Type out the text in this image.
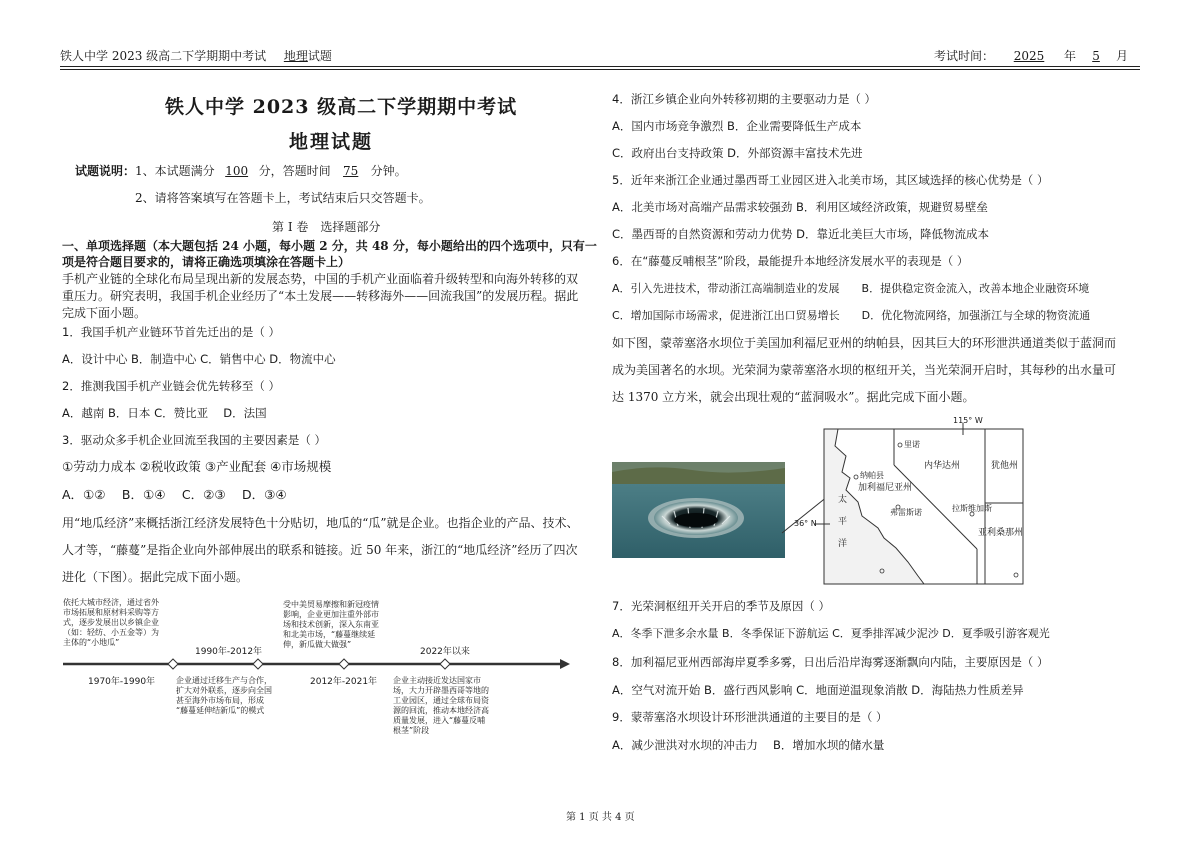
铁人中学 2023 级高二下学期期中考试 地理试题	考试时间： 2025 年 5 月
铁人中学 2023 级高二下学期期中考试
地理试题
试题说明：1、本试题满分 100 分，答题时间 75 分钟。
2、请将答案填写在答题卡上，考试结束后只交答题卡。
第 Ⅰ 卷　选择题部分
一、单项选择题（本大题包括 24 小题，每小题 2 分，共 48 分，每小题给出的四个选项中，只有一
项是符合题目要求的，请将正确选项填涂在答题卡上）
手机产业链的全球化布局呈现出新的发展态势，中国的手机产业面临着升级转型和向海外转移的双
重压力。研究表明，我国手机企业经历了“本土发展——转移海外——回流我国”的发展历程。据此
完成下面小题。
1．我国手机产业链环节首先迁出的是（ ）
A．设计中心 B．制造中心 C．销售中心 D．物流中心
2．推测我国手机产业链会优先转移至（ ）
A．越南 B．日本 C．赞比亚　 D．法国
3．驱动众多手机企业回流至我国的主要因素是（ ）
①劳动力成本 ②税收政策 ③产业配套 ④市场规模
A．①②　 B．①④　 C．②③　 D．③④
用“地瓜经济”来概括浙江经济发展特色十分贴切，地瓜的“瓜”就是企业。也指企业的产品、技术、
人才等，“藤蔓”是指企业向外部伸展出的联系和链接。近 50 年来，浙江的“地瓜经济”经历了四次
进化（下图）。据此完成下面小题。
依托大城市经济，通过省外
市场拓展和原材料采购等方
式，逐步发展出以乡镇企业
（如：轻纺、小五金等）为
主体的“小地瓜”
1990年-2012年
受中美贸易摩擦和新冠疫情
影响，企业更加注重外部市
场和技术创新，深入东南亚
和北美市场，“藤蔓继续延
伸，新瓜做大做强”
2022年以来
1970年-1990年	企业通过迁移生产与合作，
扩大对外联系，逐步向全国
甚至海外市场布局，形成
“藤蔓延伸结新瓜”的模式
2012年-2021年 企业主动接近发达国家市
场，大力开辟墨西哥等地的
工业园区，通过全球布局资
源的回流，推动本地经济高
质量发展，进入“藤蔓反哺
根茎”阶段
4．浙江乡镇企业向外转移初期的主要驱动力是（ ）
A．国内市场竞争激烈 B．企业需要降低生产成本
C．政府出台支持政策 D．外部资源丰富技术先进
5．近年来浙江企业通过墨西哥工业园区进入北美市场，其区域选择的核心优势是（ ）
A．北美市场对高端产品需求较强劲 B．利用区域经济政策，规避贸易壁垒
C．墨西哥的自然资源和劳动力优势 D．靠近北美巨大市场，降低物流成本
6．在“藤蔓反哺根茎”阶段，最能提升本地经济发展水平的表现是（ ）
A．引入先进技术，带动浙江高端制造业的发展　　B．提供稳定资金流入，改善本地企业融资环境
C．增加国际市场需求，促进浙江出口贸易增长　　D．优化物流网络，加强浙江与全球的物资流通
如下图，蒙蒂塞洛水坝位于美国加利福尼亚州的纳帕县，因其巨大的环形泄洪通道类似于蓝洞而
成为美国著名的水坝。光荣洞为蒙蒂塞洛水坝的枢纽开关，当光荣洞开启时，其每秒的出水量可
达 1370 立方米，就会出现壮观的“蓝洞吸水”。据此完成下面小题。
115° W
36° N
里诺
纳帕县
加利福尼亚州
内华达州	犹他州
亚利桑那州
拉斯维加斯
弗雷斯诺
太
平
洋
7．光荣洞枢纽开关开启的季节及原因（ ）
A．冬季下泄多余水量 B．冬季保证下游航运 C．夏季排浑减少泥沙 D．夏季吸引游客观光
8．加利福尼亚州西部海岸夏季多雾，日出后沿岸海雾逐渐飘向内陆，主要原因是（ ）
A．空气对流开始 B．盛行西风影响 C．地面逆温现象消散 D．海陆热力性质差异
9．蒙蒂塞洛水坝设计环形泄洪通道的主要目的是（ ）
A．减少泄洪对水坝的冲击力　 B．增加水坝的储水量
第 1 页 共 4 页
